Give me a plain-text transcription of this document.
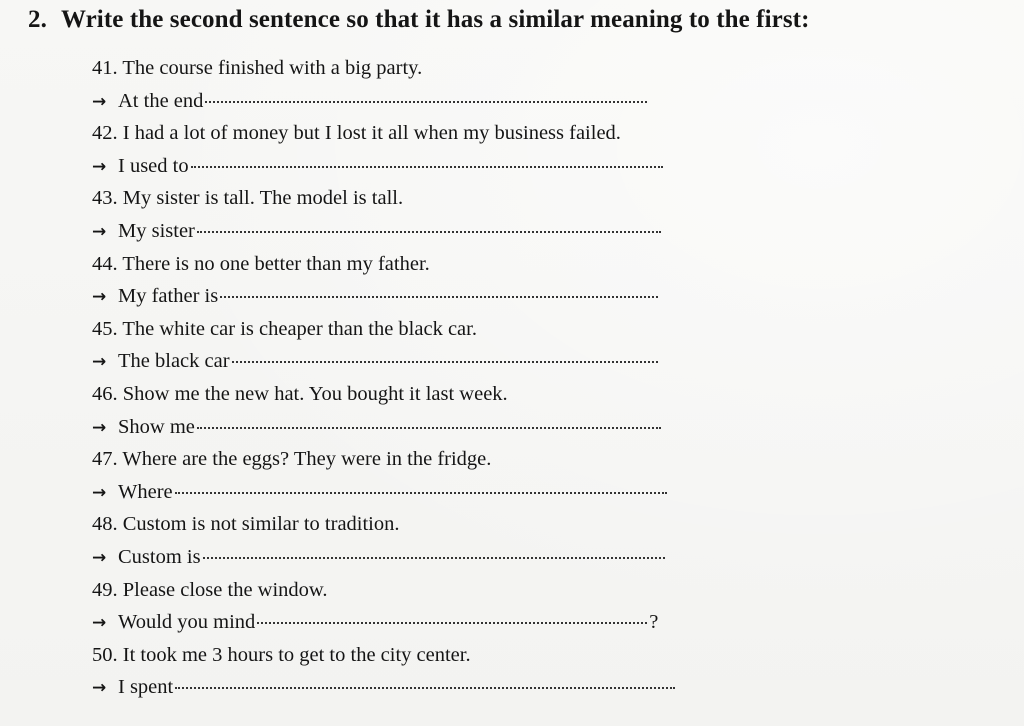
2. Write the second sentence so that it has a similar meaning to the first:
41. The course finished with a big party.
→ At the end
42. I had a lot of money but I lost it all when my business failed.
→ I used to
43. My sister is tall. The model is tall.
→ My sister
44. There is no one better than my father.
→ My father is
45. The white car is cheaper than the black car.
→ The black car
46. Show me the new hat. You bought it last week.
→ Show me
47. Where are the eggs? They were in the fridge.
→ Where
48. Custom is not similar to tradition.
→ Custom is
49. Please close the window.
→ Would you mind	?
50. It took me 3 hours to get to the city center.
→ I spent
